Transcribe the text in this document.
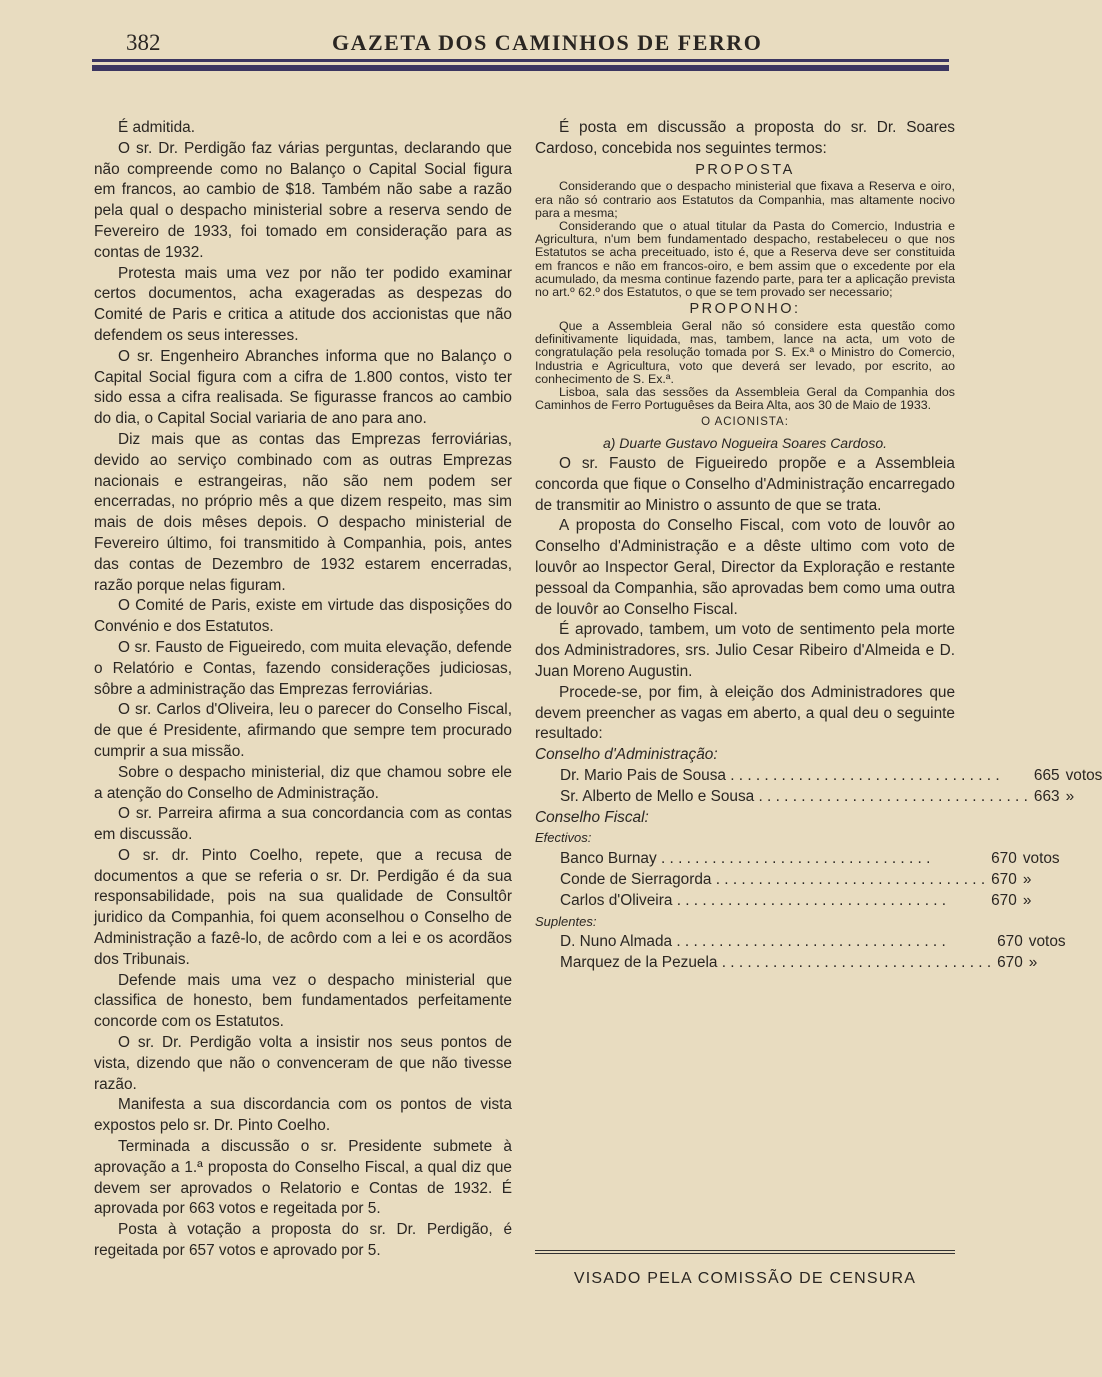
382	GAZETA DOS CAMINHOS DE FERRO

É admitida.

O sr. Dr. Perdigão faz várias perguntas, declarando que não compreende como no Balanço o Capital Social figura em francos, ao cambio de $18. Também não sabe a razão pela qual o despacho ministerial sobre a reserva sendo de Fevereiro de 1933, foi tomado em consideração para as contas de 1932.

Protesta mais uma vez por não ter podido examinar certos documentos, acha exageradas as despezas do Comité de Paris e critica a atitude dos accionistas que não defendem os seus interesses.

O sr. Engenheiro Abranches informa que no Balanço o Capital Social figura com a cifra de 1.800 contos, visto ter sido essa a cifra realisada. Se figurasse francos ao cambio do dia, o Capital Social variaria de ano para ano.

Diz mais que as contas das Emprezas ferroviárias, devido ao serviço combinado com as outras Emprezas nacionais e estrangeiras, não são nem podem ser encerradas, no próprio mês a que dizem respeito, mas sim mais de dois mêses depois. O despacho ministerial de Fevereiro último, foi transmitido à Companhia, pois, antes das contas de Dezembro de 1932 estarem encerradas, razão porque nelas figuram.

O Comité de Paris, existe em virtude das disposições do Convénio e dos Estatutos.

O sr. Fausto de Figueiredo, com muita elevação, defende o Relatório e Contas, fazendo considerações judiciosas, sôbre a administração das Emprezas ferroviárias.

O sr. Carlos d'Oliveira, leu o parecer do Conselho Fiscal, de que é Presidente, afirmando que sempre tem procurado cumprir a sua missão.

Sobre o despacho ministerial, diz que chamou sobre ele a atenção do Conselho de Administração.

O sr. Parreira afirma a sua concordancia com as contas em discussão.

O sr. dr. Pinto Coelho, repete, que a recusa de documentos a que se referia o sr. Dr. Perdigão é da sua responsabilidade, pois na sua qualidade de Consultôr juridico da Companhia, foi quem aconselhou o Conselho de Administração a fazê-lo, de acôrdo com a lei e os acordãos dos Tribunais.

Defende mais uma vez o despacho ministerial que classifica de honesto, bem fundamentados perfeitamente concorde com os Estatutos.

O sr. Dr. Perdigão volta a insistir nos seus pontos de vista, dizendo que não o convenceram de que não tivesse razão.

Manifesta a sua discordancia com os pontos de vista expostos pelo sr. Dr. Pinto Coelho.

Terminada a discussão o sr. Presidente submete à aprovação a 1.ª proposta do Conselho Fiscal, a qual diz que devem ser aprovados o Relatorio e Contas de 1932. É aprovada por 663 votos e regeitada por 5.

Posta à votação a proposta do sr. Dr. Perdigão, é regeitada por 657 votos e aprovado por 5.

É posta em discussão a proposta do sr. Dr. Soares Cardoso, concebida nos seguintes termos:

PROPOSTA

Considerando que o despacho ministerial que fixava a Reserva e oiro, era não só contrario aos Estatutos da Companhia, mas altamente nocivo para a mesma;

Considerando que o atual titular da Pasta do Comercio, Industria e Agricultura, n'um bem fundamentado despacho, restabeleceu o que nos Estatutos se acha preceituado, isto é, que a Reserva deve ser constituida em francos e não em francos-oiro, e bem assim que o excedente por ela acumulado, da mesma continue fazendo parte, para ter a aplicação prevista no art.º 62.º dos Estatutos, o que se tem provado ser necessario;

PROPONHO:

Que a Assembleia Geral não só considere esta questão como definitivamente liquidada, mas, tambem, lance na acta, um voto de congratulação pela resolução tomada por S. Ex.ª o Ministro do Comercio, Industria e Agricultura, voto que deverá ser levado, por escrito, ao conhecimento de S. Ex.ª.

Lisboa, sala das sessões da Assembleia Geral da Companhia dos Caminhos de Ferro Portuguêses da Beira Alta, aos 30 de Maio de 1933.

O ACIONISTA:

a) Duarte Gustavo Nogueira Soares Cardoso.

O sr. Fausto de Figueiredo propõe e a Assembleia concorda que fique o Conselho d'Administração encarregado de transmitir ao Ministro o assunto de que se trata.

A proposta do Conselho Fiscal, com voto de louvôr ao Conselho d'Administração e a dêste ultimo com voto de louvôr ao Inspector Geral, Director da Exploração e restante pessoal da Companhia, são aprovadas bem como uma outra de louvôr ao Conselho Fiscal.

É aprovado, tambem, um voto de sentimento pela morte dos Administradores, srs. Julio Cesar Ribeiro d'Almeida e D. Juan Moreno Augustin.

Procede-se, por fim, à eleição dos Administradores que devem preencher as vagas em aberto, a qual deu o seguinte resultado:

Conselho d'Administração:

Dr. Mario Pais de Sousa . . .	665	votos
Sr. Alberto de Mello e Sousa . . .	663	»

Conselho Fiscal:

Efectivos:

Banco Burnay . . .	670	votos
Conde de Sierragorda . . .	670	»
Carlos d'Oliveira . . .	670	»

Suplentes:

D. Nuno Almada . . .	670	votos
Marquez de la Pezuela . . .	670	»
VISADO PELA COMISSÃO DE CENSURA
